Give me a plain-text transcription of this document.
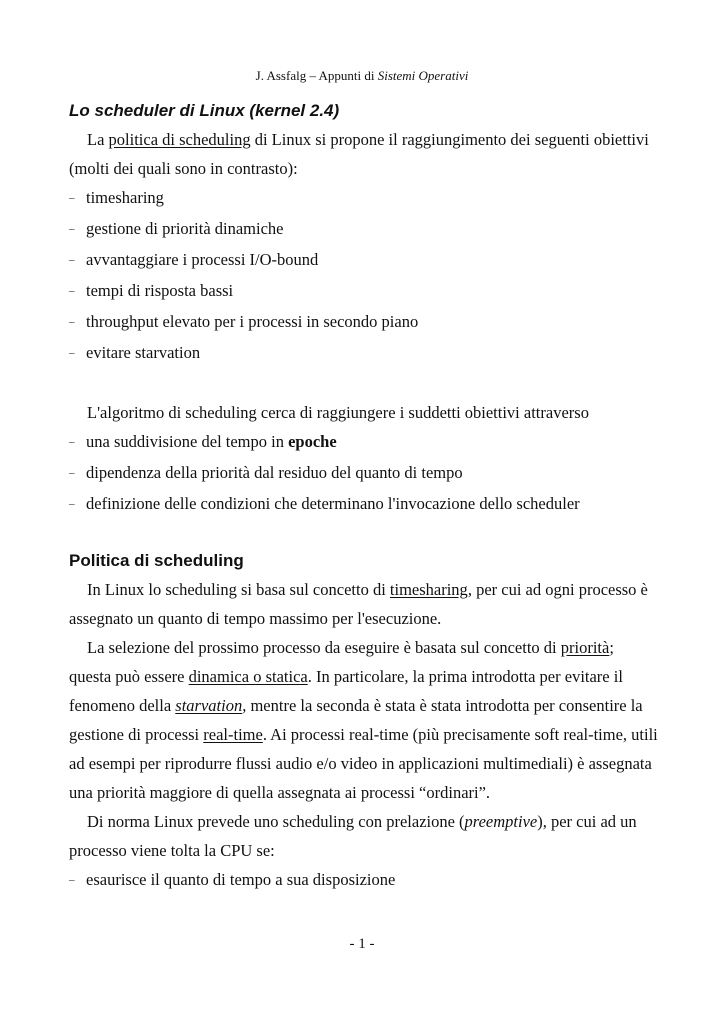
J. Assfalg – Appunti di Sistemi Operativi
Lo scheduler di Linux (kernel 2.4)

La politica di scheduling di Linux si propone il raggiungimento dei seguenti obiettivi (molti dei quali sono in contrasto):

– timesharing
– gestione di priorità dinamiche
– avvantaggiare i processi I/O-bound
– tempi di risposta bassi
– throughput elevato per i processi in secondo piano
– evitare starvation

L'algoritmo di scheduling cerca di raggiungere i suddetti obiettivi attraverso

– una suddivisione del tempo in epoche
– dipendenza della priorità dal residuo del quanto di tempo
– definizione delle condizioni che determinano l'invocazione dello scheduler
Politica di scheduling

In Linux lo scheduling si basa sul concetto di timesharing, per cui ad ogni processo è assegnato un quanto di tempo massimo per l'esecuzione.

La selezione del prossimo processo da eseguire è basata sul concetto di priorità; questa può essere dinamica o statica. In particolare, la prima introdotta per evitare il fenomeno della starvation, mentre la seconda è stata è stata introdotta per consentire la gestione di processi real-time. Ai processi real-time (più precisamente soft real-time, utili ad esempi per riprodurre flussi audio e/o video in applicazioni multimediali) è assegnata una priorità maggiore di quella assegnata ai processi “ordinari”.

Di norma Linux prevede uno scheduling con prelazione (preemptive), per cui ad un processo viene tolta la CPU se:

– esaurisce il quanto di tempo a sua disposizione
- 1 -
